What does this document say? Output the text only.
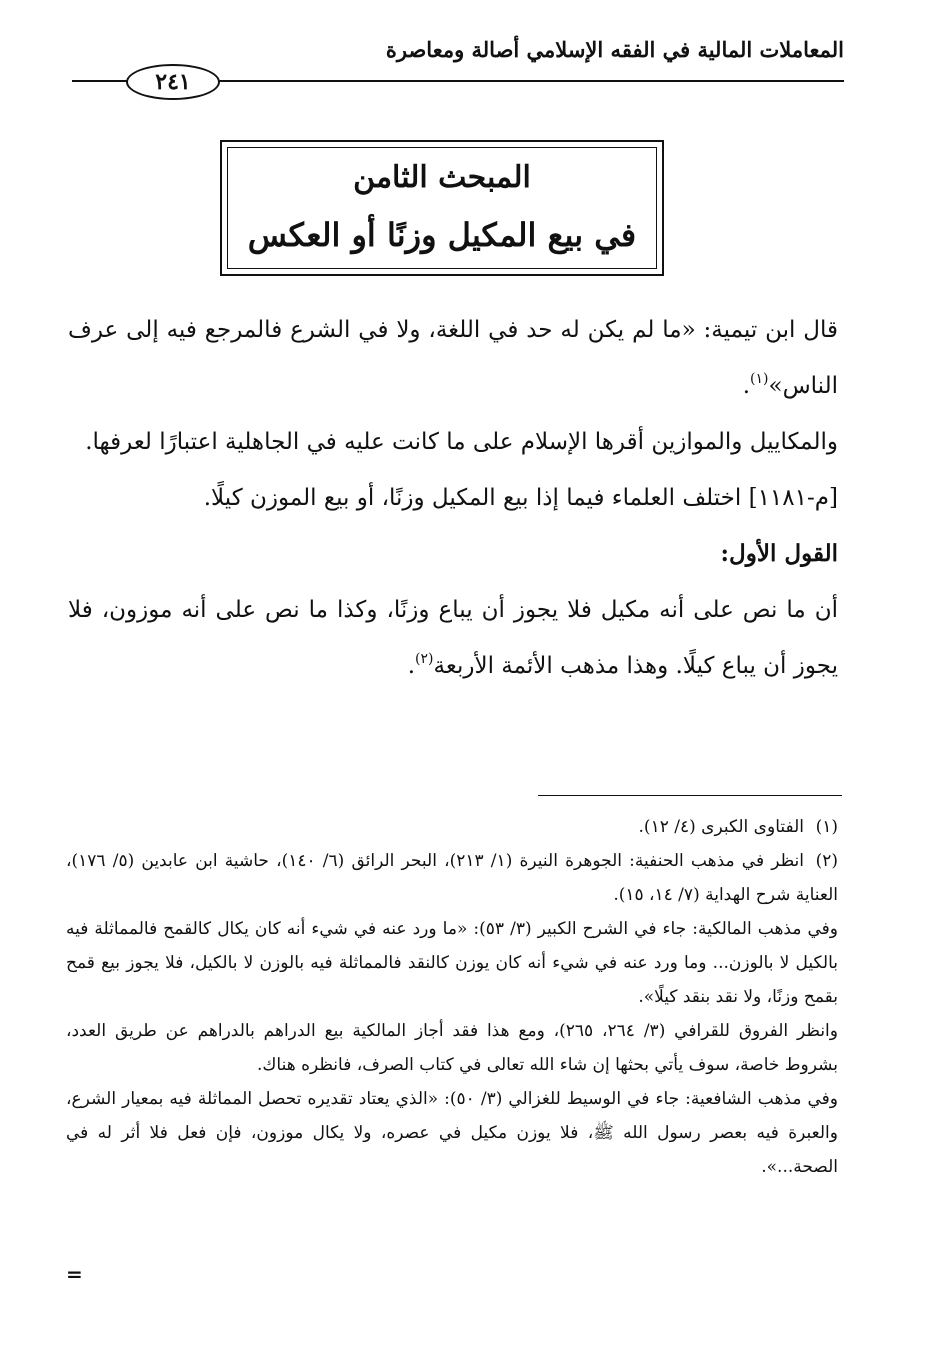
المعاملات المالية في الفقه الإسلامي أصالة ومعاصرة
٢٤١
المبحث الثامن
في بيع المكيل وزنًا أو العكس

قال ابن تيمية: «ما لم يكن له حد في اللغة، ولا في الشرع فالمرجع فيه إلى عرف الناس»$^{(١)}$.

والمكاييل والموازين أقرها الإسلام على ما كانت عليه في الجاهلية اعتبارًا لعرفها.

[م-١١٨١] اختلف العلماء فيما إذا بيع المكيل وزنًا، أو بيع الموزن كيلًا.

القول الأول:

أن ما نص على أنه مكيل فلا يجوز أن يباع وزنًا، وكذا ما نص على أنه موزون، فلا يجوز أن يباع كيلًا. وهذا مذهب الأئمة الأربعة$^{(٢)}$.

(١)الفتاوى الكبرى (٤/ ١٢).

(٢)انظر في مذهب الحنفية: الجوهرة النيرة (١/ ٢١٣)، البحر الرائق (٦/ ١٤٠)، حاشية ابن عابدين (٥/ ١٧٦)، العناية شرح الهداية (٧/ ١٤، ١٥).

وفي مذهب المالكية: جاء في الشرح الكبير (٣/ ٥٣): «ما ورد عنه في شيء أنه كان يكال كالقمح فالمماثلة فيه بالكيل لا بالوزن... وما ورد عنه في شيء أنه كان يوزن كالنقد فالمماثلة فيه بالوزن لا بالكيل، فلا يجوز بيع قمح بقمح وزنًا، ولا نقد بنقد كيلًا».

وانظر الفروق للقرافي (٣/ ٢٦٤، ٢٦٥)، ومع هذا فقد أجاز المالكية بيع الدراهم بالدراهم عن طريق العدد، بشروط خاصة، سوف يأتي بحثها إن شاء الله تعالى في كتاب الصرف، فانظره هناك.

وفي مذهب الشافعية: جاء في الوسيط للغزالي (٣/ ٥٠): «الذي يعتاد تقديره تحصل المماثلة فيه بمعيار الشرع، والعبرة فيه بعصر رسول الله ﷺ، فلا يوزن مكيل في عصره، ولا يكال موزون، فإن فعل فلا أثر له في الصحة...».

=
